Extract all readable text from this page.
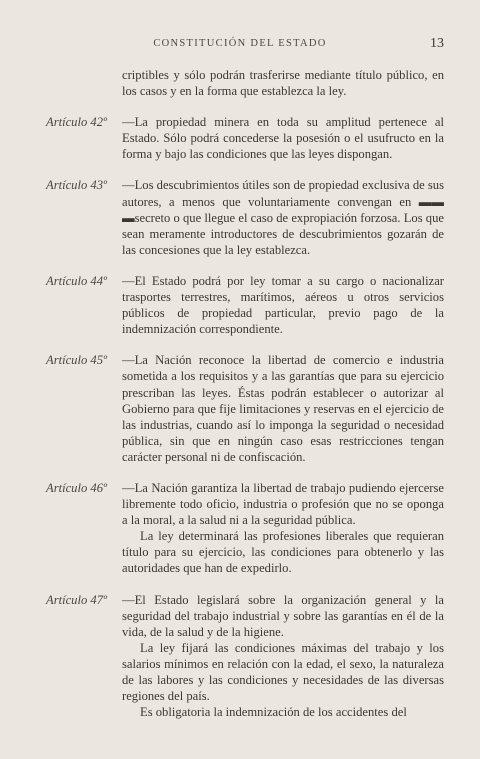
CONSTITUCIÓN DEL ESTADO	13

criptibles y sólo podrán trasferirse mediante título público, en los casos y en la forma que establezca la ley.

Artículo 42º —La propiedad minera en toda su amplitud pertenece al Estado. Sólo podrá concederse la posesión o el usufructo en la forma y bajo las condiciones que las leyes dispongan.

Artículo 43º —Los descubrimientos útiles son de propiedad exclusiva de sus autores, a menos que voluntariamente convengan en ▬▬ ▬secreto o que llegue el caso de expropiación forzosa. Los que sean meramente introductores de descubrimientos gozarán de las concesiones que la ley establezca.

Artículo 44º —El Estado podrá por ley tomar a su cargo o nacionalizar trasportes terrestres, marítimos, aéreos u otros servicios públicos de propiedad particular, previo pago de la indemnización correspondiente.

Artículo 45º —La Nación reconoce la libertad de comercio e industria sometida a los requisitos y a las garantías que para su ejercicio prescriban las leyes. Éstas podrán establecer o autorizar al Gobierno para que fije limitaciones y reservas en el ejercicio de las industrias, cuando así lo imponga la seguridad o necesidad pública, sin que en ningún caso esas restricciones tengan carácter personal ni de confiscación.

Artículo 46º —La Nación garantiza la libertad de trabajo pudiendo ejercerse libremente todo oficio, industria o profesión que no se oponga a la moral, a la salud ni a la seguridad pública.

La ley determinará las profesiones liberales que requieran título para su ejercicio, las condiciones para obtenerlo y las autoridades que han de expedirlo.

Artículo 47º —El Estado legislará sobre la organización general y la seguridad del trabajo industrial y sobre las garantías en él de la vida, de la salud y de la higiene.

La ley fijará las condiciones máximas del trabajo y los salarios mínimos en relación con la edad, el sexo, la naturaleza de las labores y las condiciones y necesidades de las diversas regiones del país.

Es obligatoria la indemnización de los accidentes del
